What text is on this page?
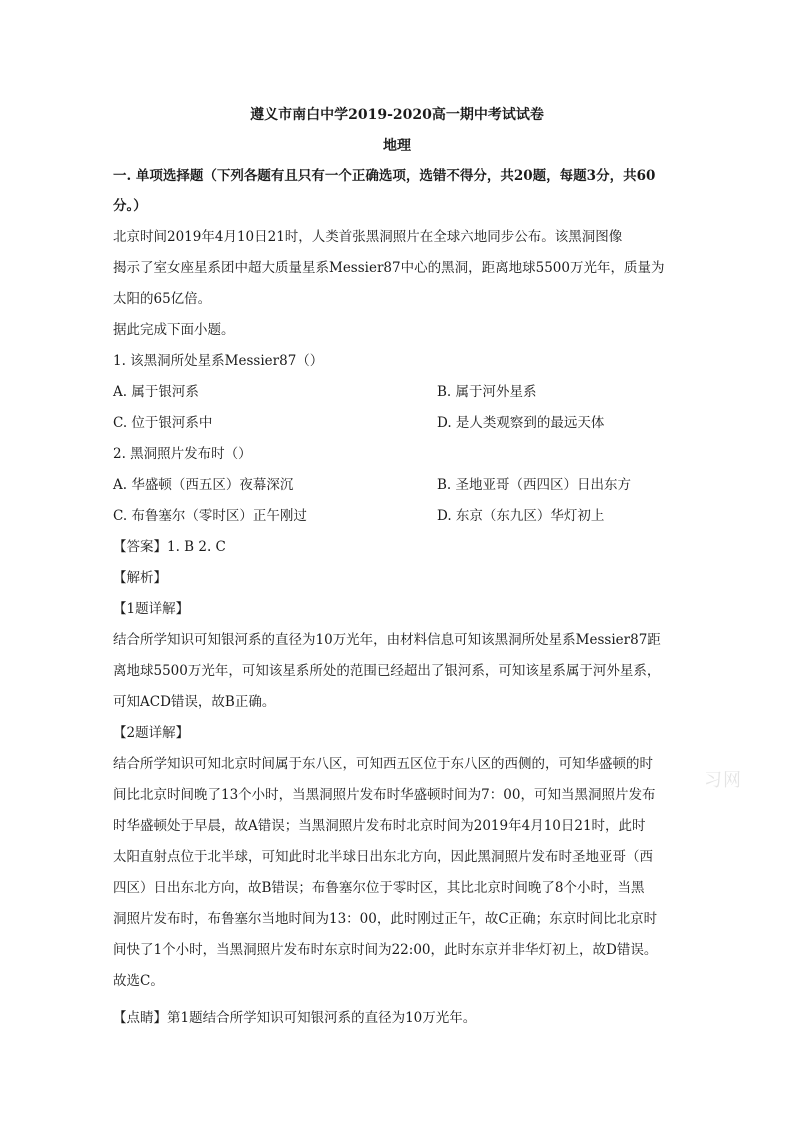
遵义市南白中学2019-2020高一期中考试试卷
地理
一. 单项选择题（下列各题有且只有一个正确选项，选错不得分，共20题，每题3分，共60
分。）
北京时间2019年4月10日21时，人类首张黑洞照片在全球六地同步公布。该黑洞图像
揭示了室女座星系团中超大质量星系Messier87中心的黑洞，距离地球5500万光年，质量为
太阳的65亿倍。
据此完成下面小题。
1. 该黑洞所处星系Messier87（）
A. 属于银河系	B. 属于河外星系
C. 位于银河系中	D. 是人类观察到的最远天体
2. 黑洞照片发布时（）
A. 华盛顿（西五区）夜幕深沉	B. 圣地亚哥（西四区）日出东方
C. 布鲁塞尔（零时区）正午刚过	D. 东京（东九区）华灯初上
【答案】1. B 2. C
【解析】
【1题详解】
结合所学知识可知银河系的直径为10万光年，由材料信息可知该黑洞所处星系Messier87距
离地球5500万光年，可知该星系所处的范围已经超出了银河系，可知该星系属于河外星系，
可知ACD错误，故B正确。
【2题详解】
结合所学知识可知北京时间属于东八区，可知西五区位于东八区的西侧的，可知华盛顿的时
间比北京时间晚了13个小时，当黑洞照片发布时华盛顿时间为7：00，可知当黑洞照片发布
时华盛顿处于早晨，故A错误；当黑洞照片发布时北京时间为2019年4月10日21时，此时
太阳直射点位于北半球，可知此时北半球日出东北方向，因此黑洞照片发布时圣地亚哥（西
四区）日出东北方向，故B错误；布鲁塞尔位于零时区，其比北京时间晚了8个小时，当黑
洞照片发布时，布鲁塞尔当地时间为13：00，此时刚过正午，故C正确；东京时间比北京时
间快了1个小时，当黑洞照片发布时东京时间为22:00，此时东京并非华灯初上，故D错误。
故选C。
【点睛】第1题结合所学知识可知银河系的直径为10万光年。
习网
